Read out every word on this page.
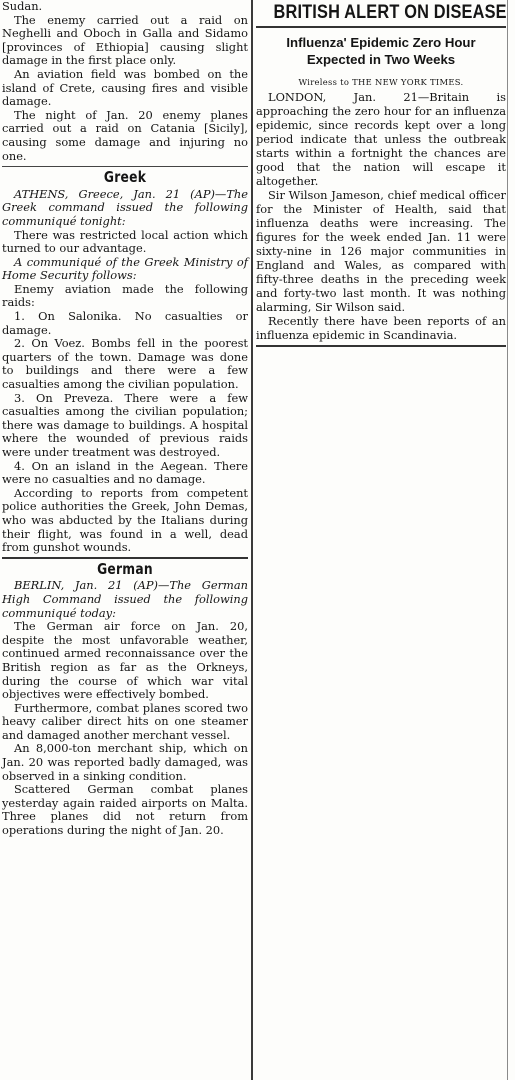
Sudan.

The enemy carried out a raid on Neghelli and Oboch in Galla and Sidamo [provinces of Ethiopia] causing slight damage in the first place only.

An aviation field was bombed on the island of Crete, causing fires and visible damage.

The night of Jan. 20 enemy planes carried out a raid on Catania [Sicily], causing some damage and injuring no one.

Greek

ATHENS, Greece, Jan. 21 (AP)—The Greek command issued the following communiqué tonight:

There was restricted local action which turned to our advantage.

A communiqué of the Greek Ministry of Home Security follows:

Enemy aviation made the following raids:

1. On Salonika. No casualties or damage.

2. On Voez. Bombs fell in the poorest quarters of the town. Damage was done to buildings and there were a few casualties among the civilian population.

3. On Preveza. There were a few casualties among the civilian population; there was damage to buildings. A hospital where the wounded of previous raids were under treatment was destroyed.

4. On an island in the Aegean. There were no casualties and no damage.

According to reports from competent police authorities the Greek, John Demas, who was abducted by the Italians during their flight, was found in a well, dead from gunshot wounds.

German

BERLIN, Jan. 21 (AP)—The German High Command issued the following communiqué today:

The German air force on Jan. 20, despite the most unfavorable weather, continued armed reconnaissance over the British region as far as the Orkneys, during the course of which war vital objectives were effectively bombed.

Furthermore, combat planes scored two heavy caliber direct hits on one steamer and damaged another merchant vessel.

An 8,000-ton merchant ship, which on Jan. 20 was reported badly damaged, was observed in a sinking condition.

Scattered German combat planes yesterday again raided airports on Malta. Three planes did not return from operations during the night of Jan. 20.

BRITISH ALERT ON DISEASE
Influenza' Epidemic Zero Hour Expected in Two Weeks
Wireless to THE NEW YORK TIMES.

LONDON, Jan. 21—Britain is approaching the zero hour for an influenza epidemic, since records kept over a long period indicate that unless the outbreak starts within a fortnight the chances are good that the nation will escape it altogether.

Sir Wilson Jameson, chief medical officer for the Minister of Health, said that influenza deaths were increasing. The figures for the week ended Jan. 11 were sixty-nine in 126 major communities in England and Wales, as compared with fifty-three deaths in the preceding week and forty-two last month. It was nothing alarming, Sir Wilson said.

Recently there have been reports of an influenza epidemic in Scandinavia.
